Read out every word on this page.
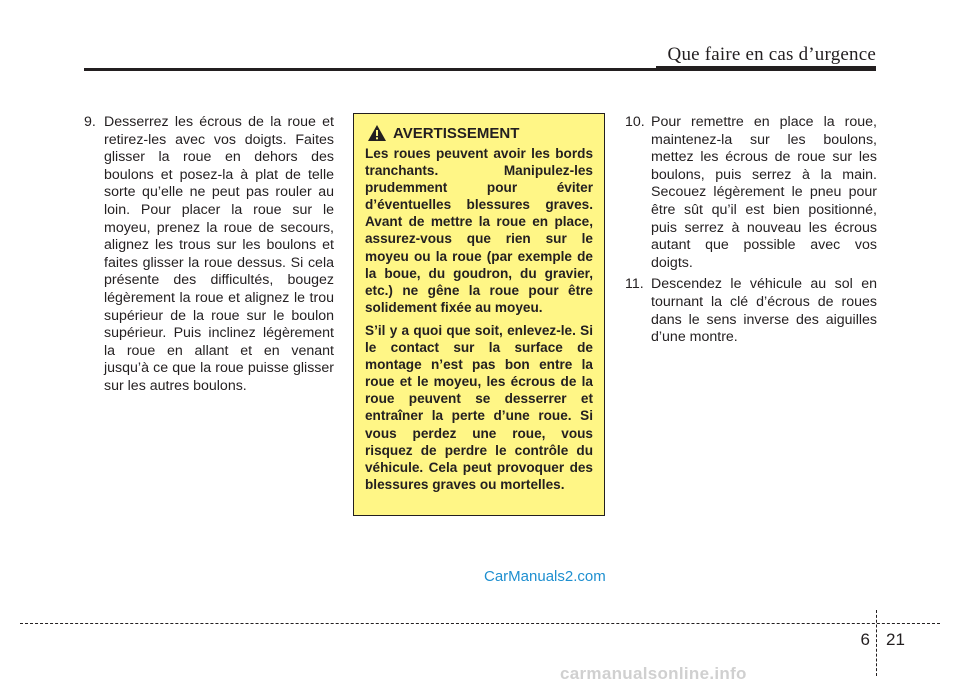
Que faire en cas d’urgence
9. Desserrez les écrous de la roue et retirez-les avec vos doigts. Faites glisser la roue en dehors des boulons et posez-la à plat de telle sorte qu’elle ne peut pas rouler au loin. Pour placer la roue sur le moyeu, prenez la roue de secours, alignez les trous sur les boulons et faites glisser la roue dessus. Si cela présente des difficultés, bougez légèrement la roue et alignez le trou supérieur de la roue sur le boulon supérieur. Puis inclinez légèrement la roue en allant et en venant jusqu’à ce que la roue puisse glisser sur les autres boulons.

AVERTISSEMENT

Les roues peuvent avoir les bords tranchants. Manipulez-les prudemment pour éviter d’éventuelles blessures graves. Avant de mettre la roue en place, assurez-vous que rien sur le moyeu ou la roue (par exemple de la boue, du goudron, du gravier, etc.) ne gêne la roue pour être solidement fixée au moyeu.

S’il y a quoi que soit, enlevez-le. Si le contact sur la surface de montage n’est pas bon entre la roue et le moyeu, les écrous de la roue peuvent se desserrer et entraîner la perte d’une roue. Si vous perdez une roue, vous risquez de perdre le contrôle du véhicule. Cela peut provoquer des blessures graves ou mortelles.

10. Pour remettre en place la roue, maintenez-la sur les boulons, mettez les écrous de roue sur les boulons, puis serrez à la main. Secouez légèrement le pneu pour être sût qu’il est bien positionné, puis serrez à nouveau les écrous autant que possible avec vos doigts.

11. Descendez le véhicule au sol en tournant la clé d’écrous de roues dans le sens inverse des aiguilles d’une montre.

CarManuals2.com
6 21
carmanualsonline.info
